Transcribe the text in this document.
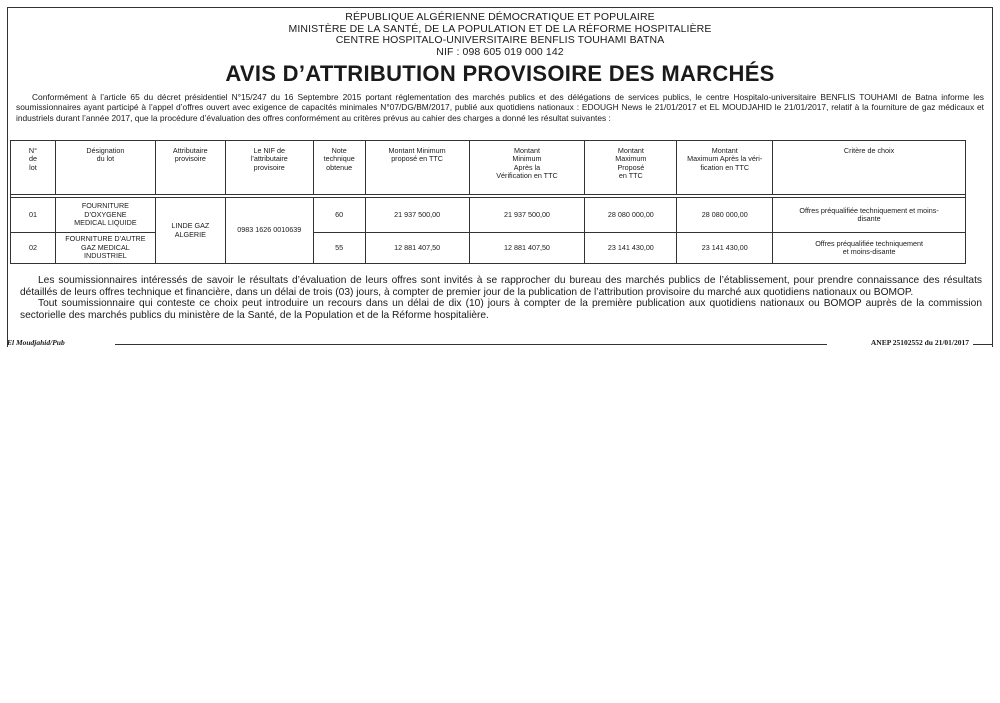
RÉPUBLIQUE ALGÉRIENNE DÉMOCRATIQUE ET POPULAIRE
MINISTÈRE DE LA SANTÉ, DE LA POPULATION ET DE LA RÉFORME HOSPITALIÈRE
CENTRE HOSPITALO-UNIVERSITAIRE BENFLIS TOUHAMI BATNA
NIF : 098 605 019 000 142
AVIS D’ATTRIBUTION PROVISOIRE DES MARCHÉS

Conformément à l’article 65 du décret présidentiel N°15/247 du 16 Septembre 2015 portant réglementation des marchés publics et des délégations de services publics, le centre Hospitalo-universitaire BENFLIS TOUHAMI de Batna informe les soumissionnaires ayant participé à l’appel d’offres ouvert avec exigence de capacités minimales N°07/DG/BM/2017, publié aux quotidiens nationaux : EDOUGH News le 21/01/2017 et EL MOUDJAHID le 21/01/2017, relatif à la fourniture de gaz médicaux et industriels durant l’année 2017, que la procédure d’évaluation des offres conformément au critères prévus au cahier des charges a donné les résultat suivantes :

N°
de
lot	Désignation
du lot	Attributaire
provisoire	Le NIF de
l’attributaire
provisoire	Note
technique
obtenue	Montant Minimum
proposé en TTC	Montant
Minimum
Après la
Vérification en TTC	Montant
Maximum
Proposé
en TTC	Montant
Maximum Après la véri-
fication en TTC	Critère de choix

01	FOURNITURE
D’OXYGENE
MEDICAL LIQUIDE	LINDE GAZ
ALGERIE	0983 1626 0010639	60	21 937 500,00	21 937 500,00	28 080 000,00	28 080 000,00	Offres préqualifiée techniquement et moins-
disante

02	FOURNITURE D’AUTRE
GAZ MEDICAL
INDUSTRIEL			55	12 881 407,50	12 881 407,50	23 141 430,00	23 141 430,00	Offres préqualifiée techniquement
et moins-disante

Les soumissionnaires intéressés de savoir le résultats d’évaluation de leurs offres sont invités à se rapprocher du bureau des marchés publics de l’établissement, pour prendre connaissance des résultats détaillés de leurs offres technique et financière, dans un délai de trois (03) jours, à compter de premier jour de la publication de l’attribution provisoire du marché aux quotidiens nationaux ou BOMOP.

Tout soumissionnaire qui conteste ce choix peut introduire un recours dans un délai de dix (10) jours à compter de la première publication aux quotidiens nationaux ou BOMOP auprès de la commission sectorielle des marchés publics du ministère de la Santé, de la Population et de la Réforme hospitalière.

El Moudjahid/Pub	ANEP 25102552 du 21/01/2017
